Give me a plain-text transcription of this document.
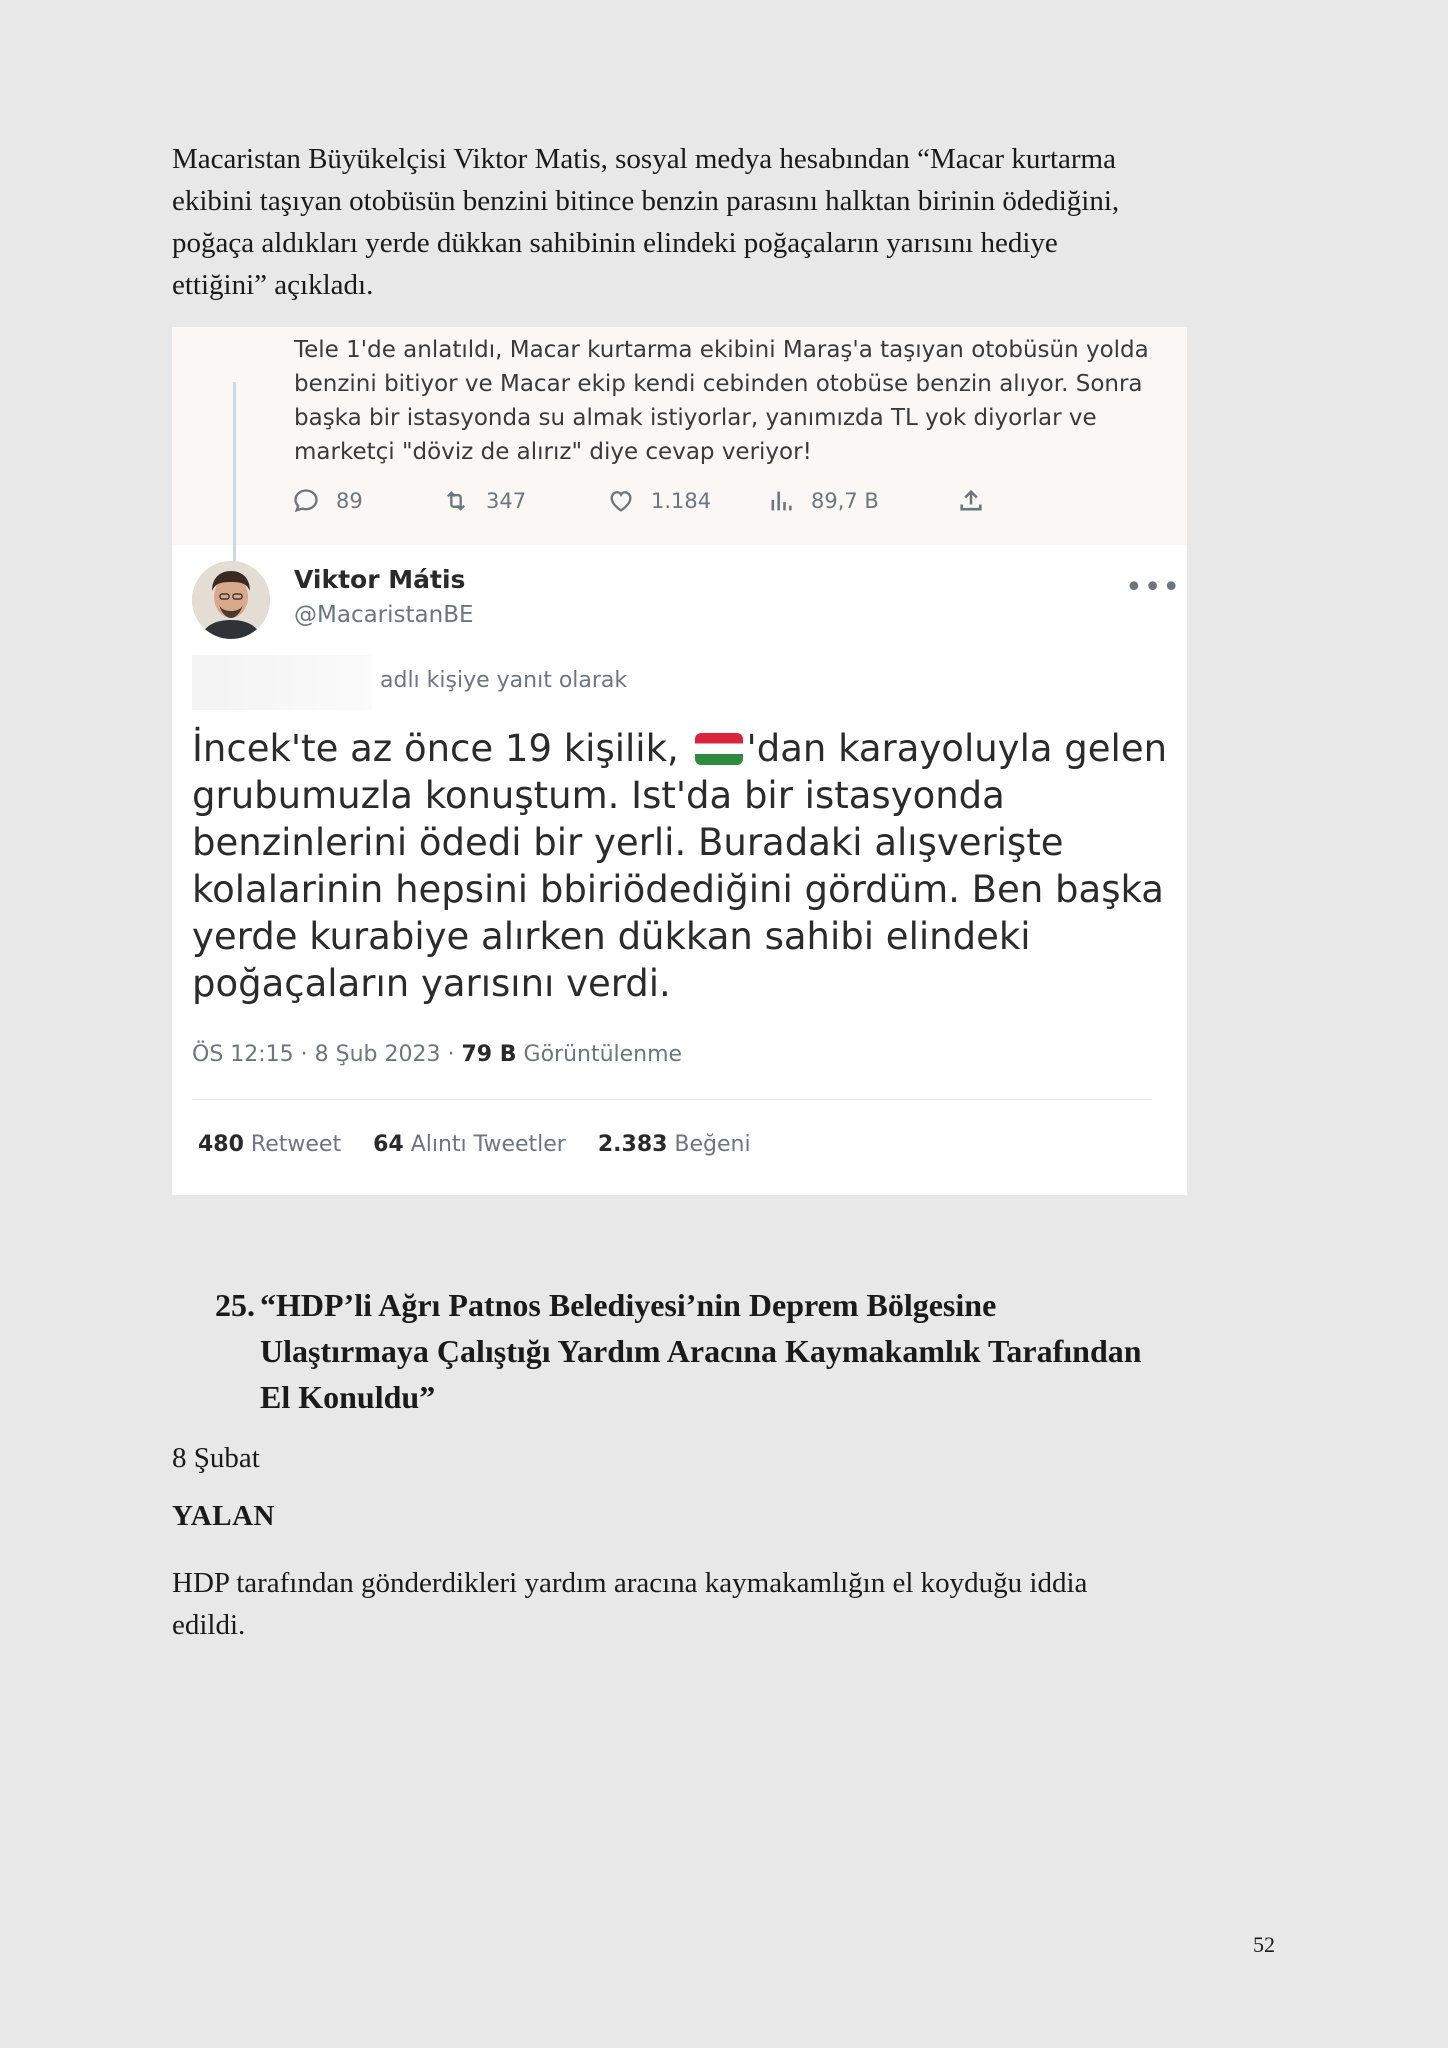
Macaristan Büyükelçisi Viktor Matis, sosyal medya hesabından “Macar kurtarma
ekibini taşıyan otobüsün benzini bitince benzin parasını halktan birinin ödediğini,
poğaça aldıkları yerde dükkan sahibinin elindeki poğaçaların yarısını hediye
ettiğini” açıkladı.

Tele 1'de anlatıldı, Macar kurtarma ekibini Maraş'a taşıyan otobüsün yolda
benzini bitiyor ve Macar ekip kendi cebinden otobüse benzin alıyor. Sonra
başka bir istasyonda su almak istiyorlar, yanımızda TL yok diyorlar ve
marketçi "döviz de alırız" diye cevap veriyor!

89	347	1.184	89,7 B
Viktor Mátis
@MacaristanBE
•••
adlı kişiye yanıt olarak

İncek'te az önce 19 kişilik, 'dan karayoluyla gelen
grubumuzla konuştum. Ist'da bir istasyonda
benzinlerini ödedi bir yerli. Buradaki alışverişte
kolalarinin hepsini bbiriödediğini gördüm. Ben başka
yerde kurabiye alırken dükkan sahibi elindeki
poğaçaların yarısını verdi.

ÖS 12:15 · 8 Şub 2023 · 79 B Görüntülenme
480 Retweet 64 Alıntı Tweetler 2.383 Beğeni
25. “HDP’li Ağrı Patnos Belediyesi’nin Deprem Bölgesine
Ulaştırmaya Çalıştığı Yardım Aracına Kaymakamlık Tarafından
El Konuldu”

8 Şubat

YALAN

HDP tarafından gönderdikleri yardım aracına kaymakamlığın el koyduğu iddia
edildi.

52
